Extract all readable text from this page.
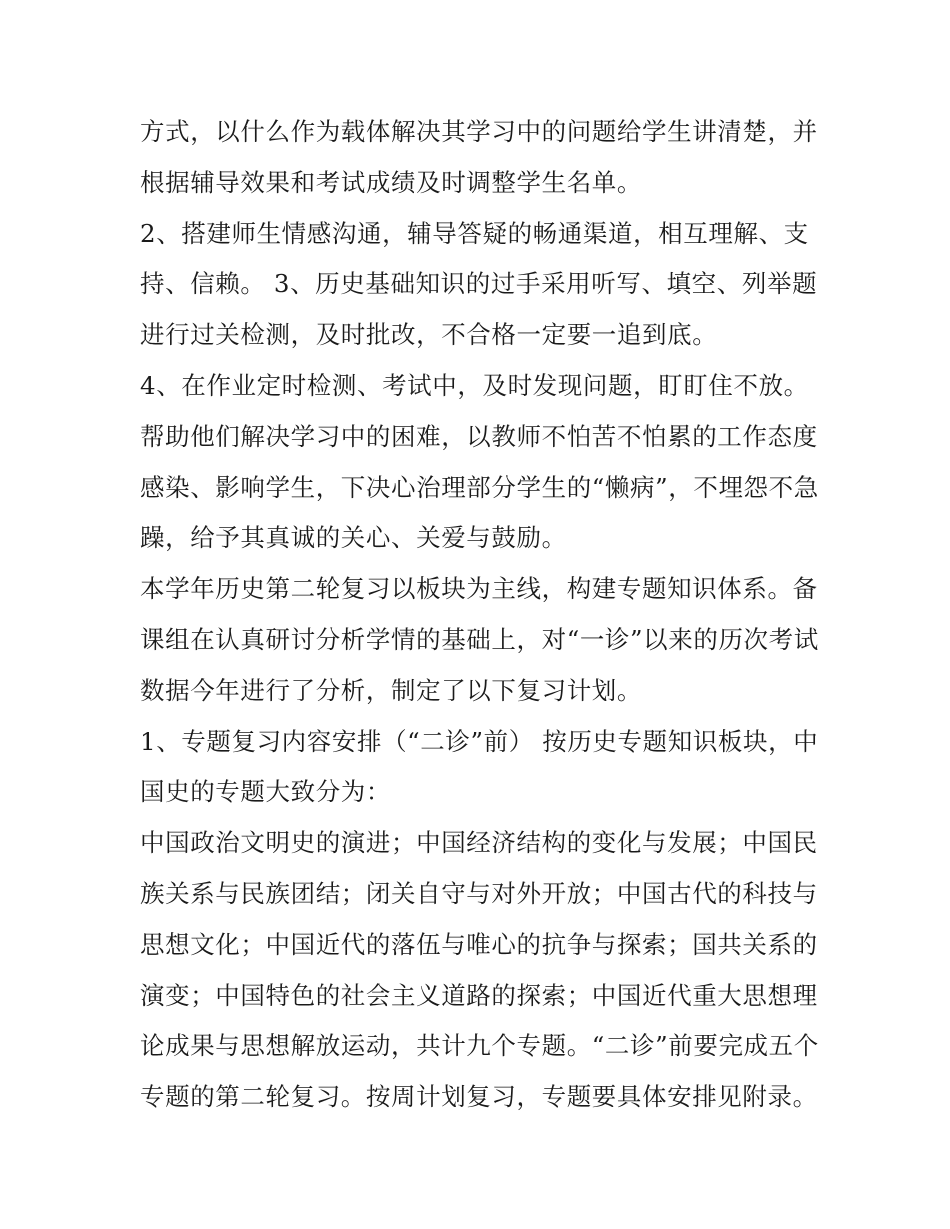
方式，以什么作为载体解决其学习中的问题给学生讲清楚，并
根据辅导效果和考试成绩及时调整学生名单。
2、搭建师生情感沟通，辅导答疑的畅通渠道，相互理解、支
持、信赖。 3、历史基础知识的过手采用听写、填空、列举题
进行过关检测，及时批改，不合格一定要一追到底。
4、在作业定时检测、考试中，及时发现问题，盯盯住不放。
帮助他们解决学习中的困难，以教师不怕苦不怕累的工作态度
感染、影响学生，下决心治理部分学生的“懒病”，不埋怨不急
躁，给予其真诚的关心、关爱与鼓励。
本学年历史第二轮复习以板块为主线，构建专题知识体系。备
课组在认真研讨分析学情的基础上，对“一诊”以来的历次考试
数据今年进行了分析，制定了以下复习计划。
1、专题复习内容安排（“二诊”前） 按历史专题知识板块，中
国史的专题大致分为：
中国政治文明史的演进；中国经济结构的变化与发展；中国民
族关系与民族团结；闭关自守与对外开放；中国古代的科技与
思想文化；中国近代的落伍与唯心的抗争与探索；国共关系的
演变；中国特色的社会主义道路的探索；中国近代重大思想理
论成果与思想解放运动，共计九个专题。“二诊”前要完成五个
专题的第二轮复习。按周计划复习，专题要具体安排见附录。
